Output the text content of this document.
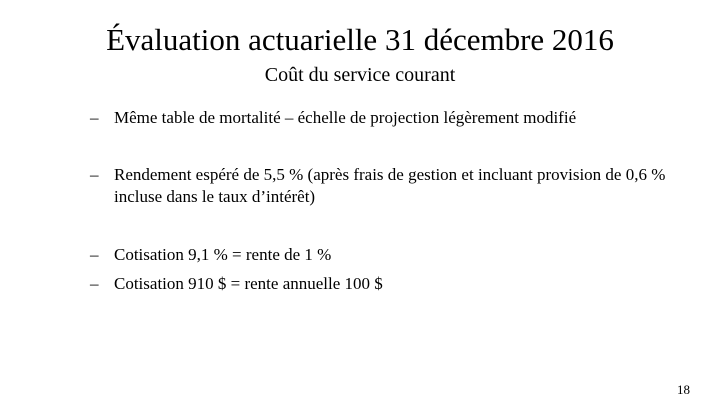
Évaluation actuarielle 31 décembre 2016
Coût du service courant
– Même table de mortalité – échelle de projection légèrement modifié
– Rendement espéré de 5,5 % (après frais de gestion et incluant provision de 0,6 % incluse dans le taux d’intérêt)
– Cotisation 9,1 % = rente de 1 %
– Cotisation 910 $ = rente annuelle 100 $
18
